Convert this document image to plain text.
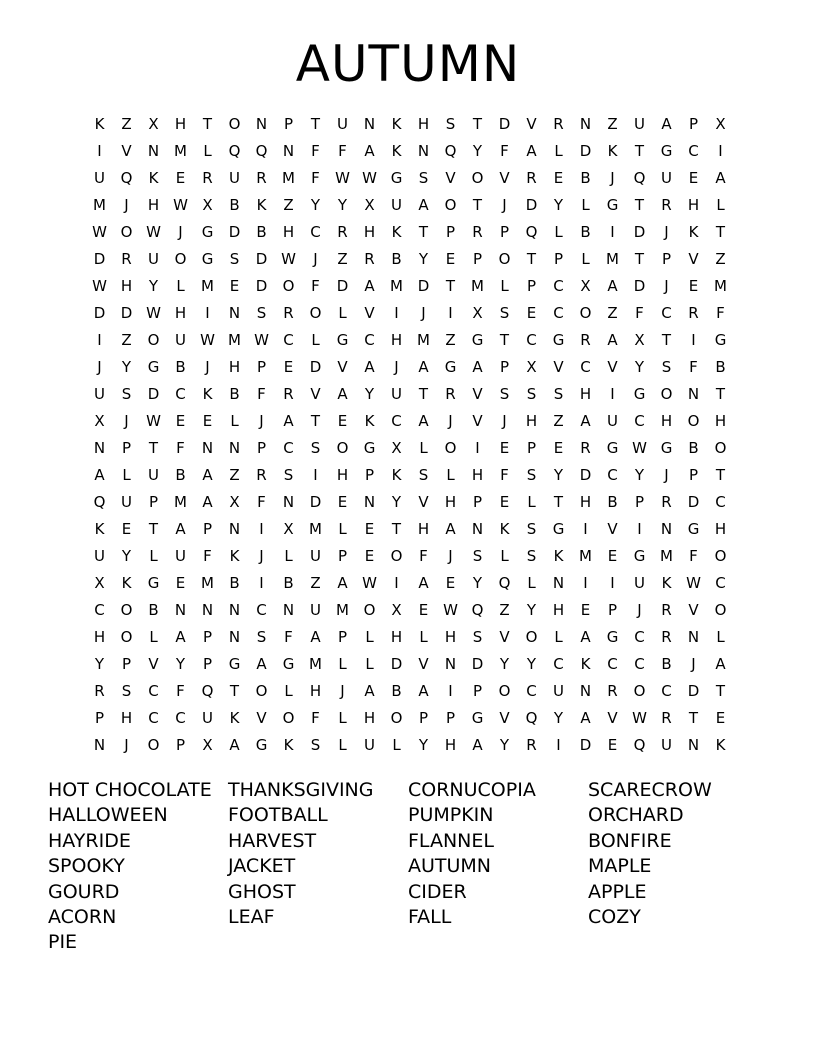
AUTUMN
K	Z	X	H	T	O	N	P	T	U	N	K	H	S	T	D	V	R	N	Z	U	A	P	X
I	V	N M	L	Q	Q	N	F	F	A	K	N	Q	Y	F	A	L	D	K	T	G	C	I
U	Q	K	E	R	U	R	M	F	W W G	S	V	O	V	R	E	B	J	Q	U	E	A
M	J	H W X	B	K	Z	Y	Y	X	U	A	O	T	J	D	Y	L	G	T	R	H	L
W O W	J	G	D	B	H	C	R	H	K	T	P	R	P	Q	L	B	I	D	J	K	T
D	R	U	O	G	S	D W	J	Z	R	B	Y	E	P	O	T	P	L	M	T	P	V	Z
W H	Y	L	M	E	D	O	F	D	A	M D	T	M	L	P	C	X	A	D	J	E	M
D	D W H	I	N	S	R	O	L	V	I	J	I	X	S	E	C	O	Z	F	C	R	F
I	Z	O	U W M W C	L	G	C	H M	Z	G	T	C	G	R	A	X	T	I	G
J	Y	G	B	J	H	P	E	D	V	A	J	A	G	A	P	X	V	C	V	Y	S	F	B
U	S	D	C	K	B	F	R	V	A	Y	U	T	R	V	S	S	S	H	I	G	O	N	T
X	J	W E	E	L	J	A	T	E	K	C	A	J	V	J	H	Z	A	U	C	H	O	H
N	P	T	F	N	N	P	C	S	O	G	X	L	O	I	E	P	E	R	G W G	B	O
A	L	U	B	A	Z	R	S	I	H	P	K	S	L	H	F	S	Y	D	C	Y	J	P	T
Q	U	P	M	A	X	F	N	D	E	N	Y	V	H	P	E	L	T	H	B	P	R	D	C
K	E	T	A	P	N	I	X	M	L	E	T	H	A	N	K	S	G	I	V	I	N	G	H
U	Y	L	U	F	K	J	L	U	P	E	O	F	J	S	L	S	K	M	E	G M	F	O
X	K	G	E	M	B	I	B	Z	A W	I	A	E	Y	Q	L	N	I	I	U	K W C
C	O	B	N	N	N	C	N	U	M O	X	E W Q	Z	Y	H	E	P	J	R	V	O
H	O	L	A	P	N	S	F	A	P	L	H	L	H	S	V	O	L	A	G	C	R	N	L
Y	P	V	Y	P	G	A	G M	L	L	D	V	N	D	Y	Y	C	K	C	C	B	J	A
R	S	C	F	Q	T	O	L	H	J	A	B	A	I	P	O	C	U	N	R	O	C	D	T
P	H	C	C	U	K	V	O	F	L	H	O	P	P	G	V	Q	Y	A	V W R	T	E
N	J	O	P	X	A	G	K	S	L	U	L	Y	H	A	Y	R	I	D	E	Q	U	N	K
HOT CHOCOLATE
HALLOWEEN
HAYRIDE
SPOOKY
GOURD
ACORN
PIE
THANKSGIVING
FOOTBALL
HARVEST
JACKET
GHOST
LEAF
CORNUCOPIA
PUMPKIN
FLANNEL
AUTUMN
CIDER
FALL
SCARECROW
ORCHARD
BONFIRE
MAPLE
APPLE
COZY
